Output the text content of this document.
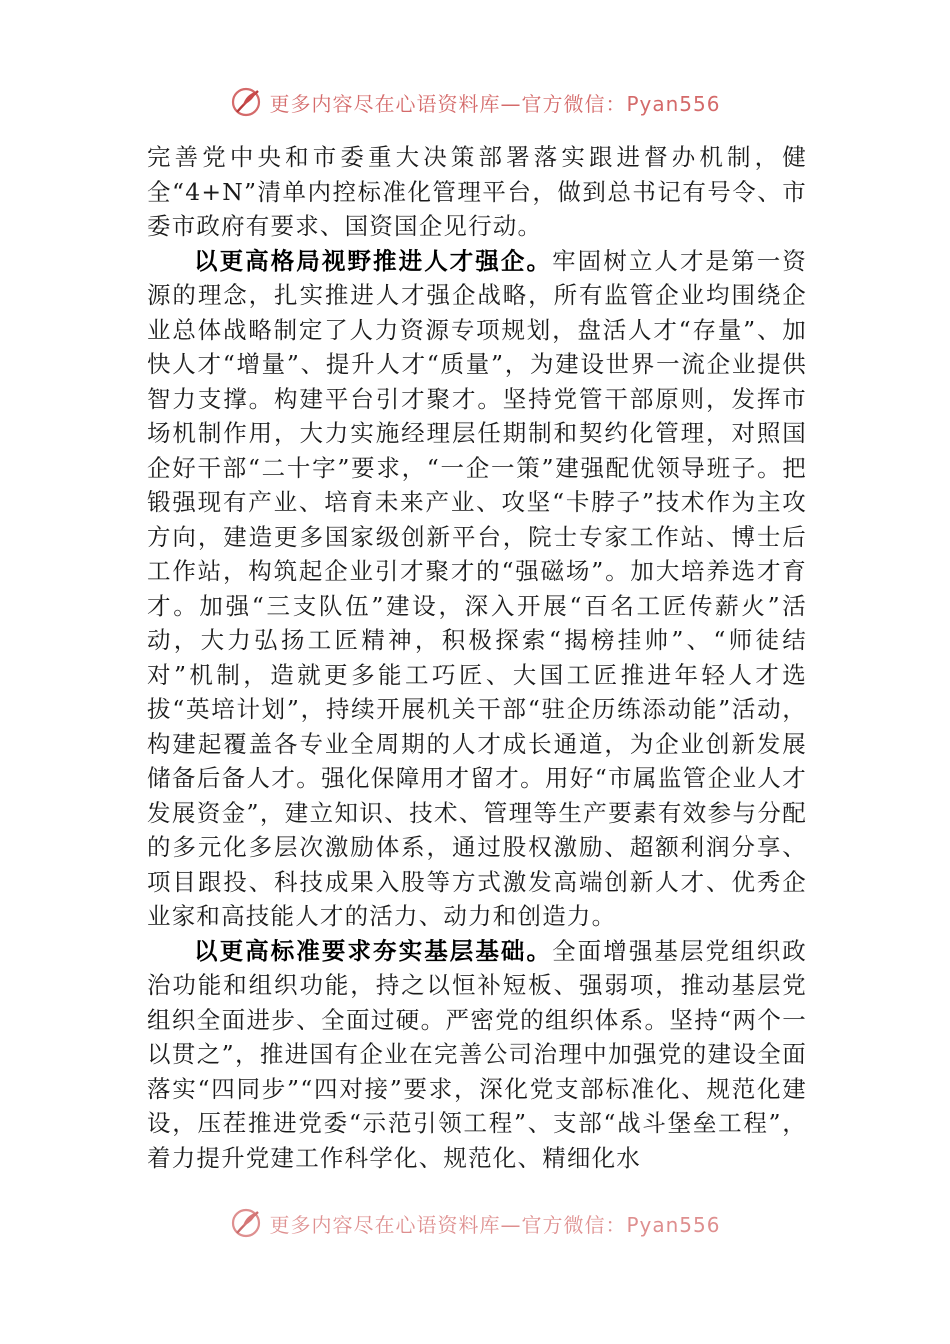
更多内容尽在心语资料库—官方微信：Pyan556

完善党中央和市委重大决策部署落实跟进督办机制，健全“4+N”清单内控标准化管理平台，做到总书记有号令、市委市政府有要求、国资国企见行动。

以更高格局视野推进人才强企。牢固树立人才是第一资源的理念，扎实推进人才强企战略，所有监管企业均围绕企业总体战略制定了人力资源专项规划，盘活人才“存量”、加快人才“增量”、提升人才“质量”，为建设世界一流企业提供智力支撑。构建平台引才聚才。坚持党管干部原则，发挥市场机制作用，大力实施经理层任期制和契约化管理，对照国企好干部“二十字”要求，“一企一策”建强配优领导班子。把锻强现有产业、培育未来产业、攻坚“卡脖子”技术作为主攻方向，建造更多国家级创新平台，院士专家工作站、博士后工作站，构筑起企业引才聚才的“强磁场”。加大培养选才育才。加强“三支队伍”建设，深入开展“百名工匠传薪火”活动，大力弘扬工匠精神，积极探索“揭榜挂帅”、“师徒结对”机制，造就更多能工巧匠、大国工匠推进年轻人才选拔“英培计划”，持续开展机关干部“驻企历练添动能”活动，构建起覆盖各专业全周期的人才成长通道，为企业创新发展储备后备人才。强化保障用才留才。用好“市属监管企业人才发展资金”，建立知识、技术、管理等生产要素有效参与分配的多元化多层次激励体系，通过股权激励、超额利润分享、项目跟投、科技成果入股等方式激发高端创新人才、优秀企业家和高技能人才的活力、动力和创造力。

以更高标准要求夯实基层基础。全面增强基层党组织政治功能和组织功能，持之以恒补短板、强弱项，推动基层党组织全面进步、全面过硬。严密党的组织体系。坚持“两个一以贯之”，推进国有企业在完善公司治理中加强党的建设全面落实“四同步”“四对接”要求，深化党支部标准化、规范化建设，压茬推进党委“示范引领工程”、支部“战斗堡垒工程”，着力提升党建工作科学化、规范化、精细化水

更多内容尽在心语资料库—官方微信：Pyan556
